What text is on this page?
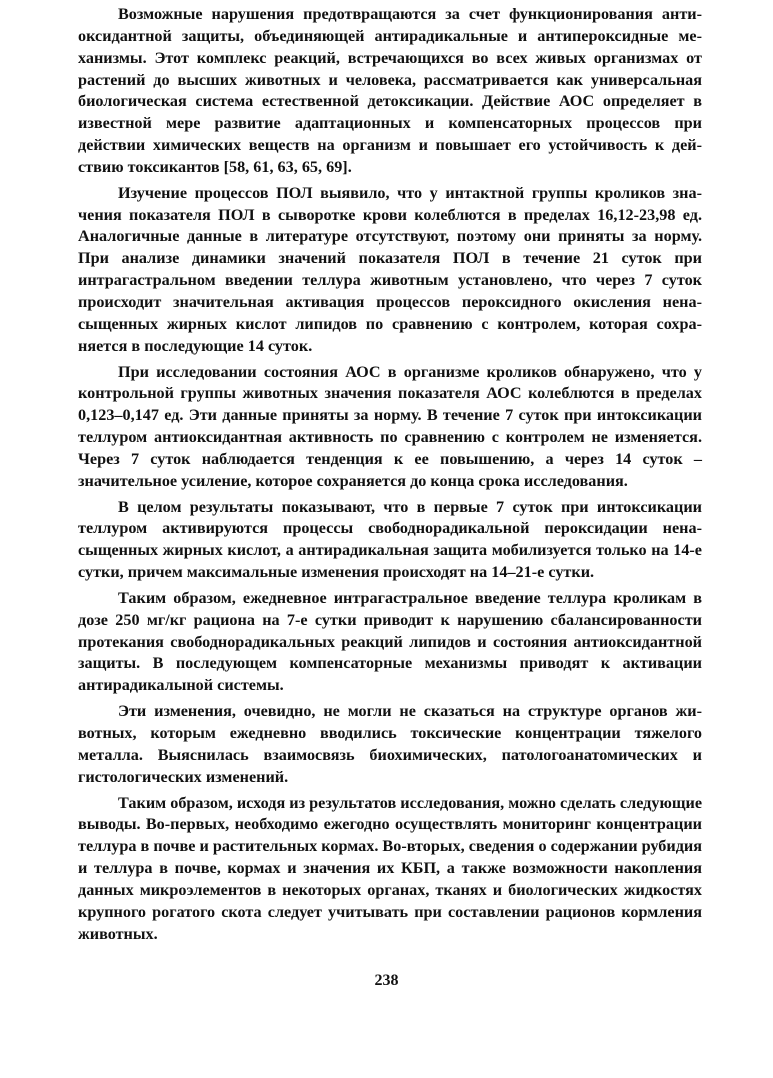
Возможные нарушения предотвращаются за счет функционирования антиоксидантной защиты, объединяющей антирадикальные и антипероксидные механизмы. Этот комплекс реакций, встречающихся во всех живых организмах от растений до высших животных и человека, рассматривается как универсальная биологическая система естественной детоксикации. Действие АОС определяет в известной мере развитие адаптационных и компенсаторных процессов при действии химических веществ на организм и повышает его устойчивость к действию токсикантов [58, 61, 63, 65, 69].

Изучение процессов ПОЛ выявило, что у интактной группы кроликов значения показателя ПОЛ в сыворотке крови колеблются в пределах 16,12-23,98 ед. Аналогичные данные в литературе отсутствуют, поэтому они приняты за норму. При анализе динамики значений показателя ПОЛ в течение 21 суток при интрагастральном введении теллура животным установлено, что через 7 суток происходит значительная активация процессов пероксидного окисления ненасыщенных жирных кислот липидов по сравнению с контролем, которая сохраняется в последующие 14 суток.

При исследовании состояния АОС в организме кроликов обнаружено, что у контрольной группы животных значения показателя АОС колеблются в пределах 0,123–0,147 ед. Эти данные приняты за норму. В течение 7 суток при интоксикации теллуром антиоксидантная активность по сравнению с контролем не изменяется. Через 7 суток наблюдается тенденция к ее повышению, а через 14 суток – значительное усиление, которое сохраняется до конца срока исследования.

В целом результаты показывают, что в первые 7 суток при интоксикации теллуром активируются процессы свободнорадикальной пероксидации ненасыщенных жирных кислот, а антирадикальная защита мобилизуется только на 14-е сутки, причем максимальные изменения происходят на 14–21-е сутки.

Таким образом, ежедневное интрагастральное введение теллура кроликам в дозе 250 мг/кг рациона на 7-е сутки приводит к нарушению сбалансированности протекания свободнорадикальных реакций липидов и состояния антиоксидантной защиты. В последующем компенсаторные механизмы приводят к активации антирадикалыной системы.

Эти изменения, очевидно, не могли не сказаться на структуре органов животных, которым ежедневно вводились токсические концентрации тяжелого металла. Выяснилась взаимосвязь биохимических, патологоанатомических и гистологических изменений.

Таким образом, исходя из результатов исследования, можно сделать следующие выводы. Во-первых, необходимо ежегодно осуществлять мониторинг концентрации теллура в почве и растительных кормах. Во-вторых, сведения о содержании рубидия и теллура в почве, кормах и значения их КБП, а также возможности накопления данных микроэлементов в некоторых органах, тканях и биологических жидкостях крупного рогатого скота следует учитывать при составлении рационов кормления животных.

238
